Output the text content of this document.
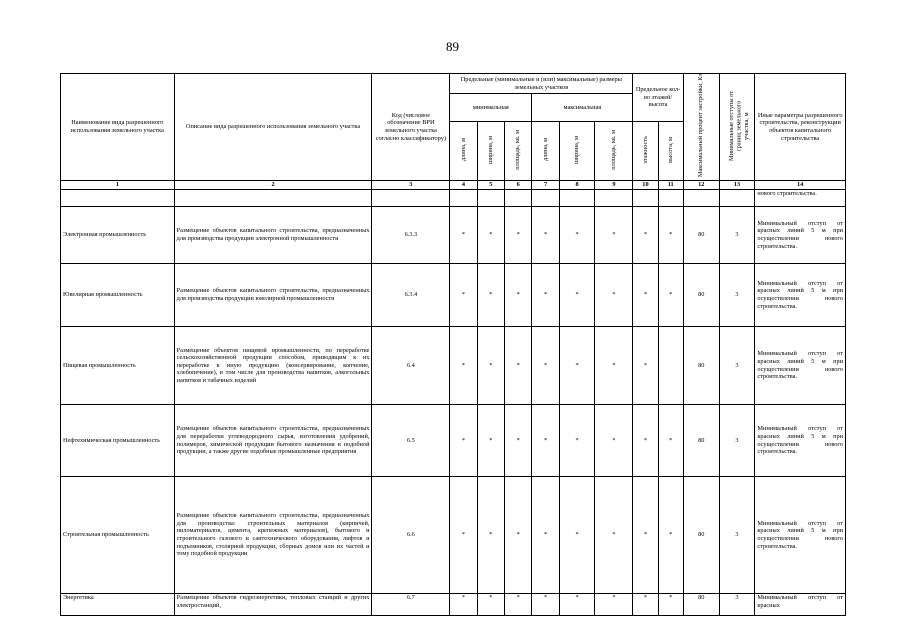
89
Наименование вида разрешенного использования земельного участка	Описание вида разрешенного использования земельного участка	Код (числовое обозначение ВРИ земельного участка согласно классификатору)	Предельные (минимальные и (или) максимальные) размеры земельных участков						Предельное кол-во этажей/ высота		Максимальный процент застройки, Кз	Минимальные отступы от границ земельного участка, м	Иные параметры разрешенного строительства, реконструкции объектов капитального строительства
			минимальная			максимальная							
			длина, м	ширина, м	площадь, кв. м	длина, м	ширина, м	площадь, кв. м	этажность	высота, м			
1	2	3	4	5	6	7	8	9	10	11	12	13	14
													нового строительства.
Электронная промышленность	Размещение объектов капитального строительства, предназначенных для производства продукции электронной промышленности	6.3.3	*	*	*	*	*	*	*	*	80	3	Минимальный отступ от красных линий 5 м при осуществлении нового строительства.
Ювелирная промышленность	Размещение объектов капитального строительства, предназначенных для производства продукции ювелирной промышленности	6.3.4	*	*	*	*	*	*	*	*	80	3	Минимальный отступ от красных линий 5 м при осуществлении нового строительства.
Пищевая промышленность	Размещение объектов пищевой промышленности, по переработке сельскохозяйственной продукции способом, приводящим к их переработке в иную продукцию (консервирование, копчение, хлебопечение), в том числе для производства напитков, алкогольных напитков и табачных изделий	6.4	*	*	*	*	*	*	*		80	3	Минимальный отступ от красных линий 5 м при осуществлении нового строительства.
Нефтехимическая промышленность	Размещение объектов капитального строительства, предназначенных для переработки углеводородного сырья, изготовления удобрений, полимеров, химической продукции бытового назначения и подобной продукции, а также другие подобные промышленные предприятия	6.5	*	*	*	*	*	*	*	*	80	3	Минимальный отступ от красных линий 5 м при осуществлении нового строительства.
Строительная промышленность	Размещение объектов капитального строительства, предназначенных для производства: строительных материалов (кирпичей, пиломатериалов, цемента, крепежных материалов), бытового и строительного газового и сантехнического оборудования, лифтов и подъемников, столярной продукции, сборных домов или их частей и тому подобной продукции	6.6	*	*	*	*	*	*	*	*	80	3	Минимальный отступ от красных линий 5 м при осуществлении нового строительства.
Энергетика	Размещение объектов гидроэнергетики, тепловых станций и других электростанций,	6.7	*	*	*	*	*	*	*	*	80	3	Минимальный отступ от красных
